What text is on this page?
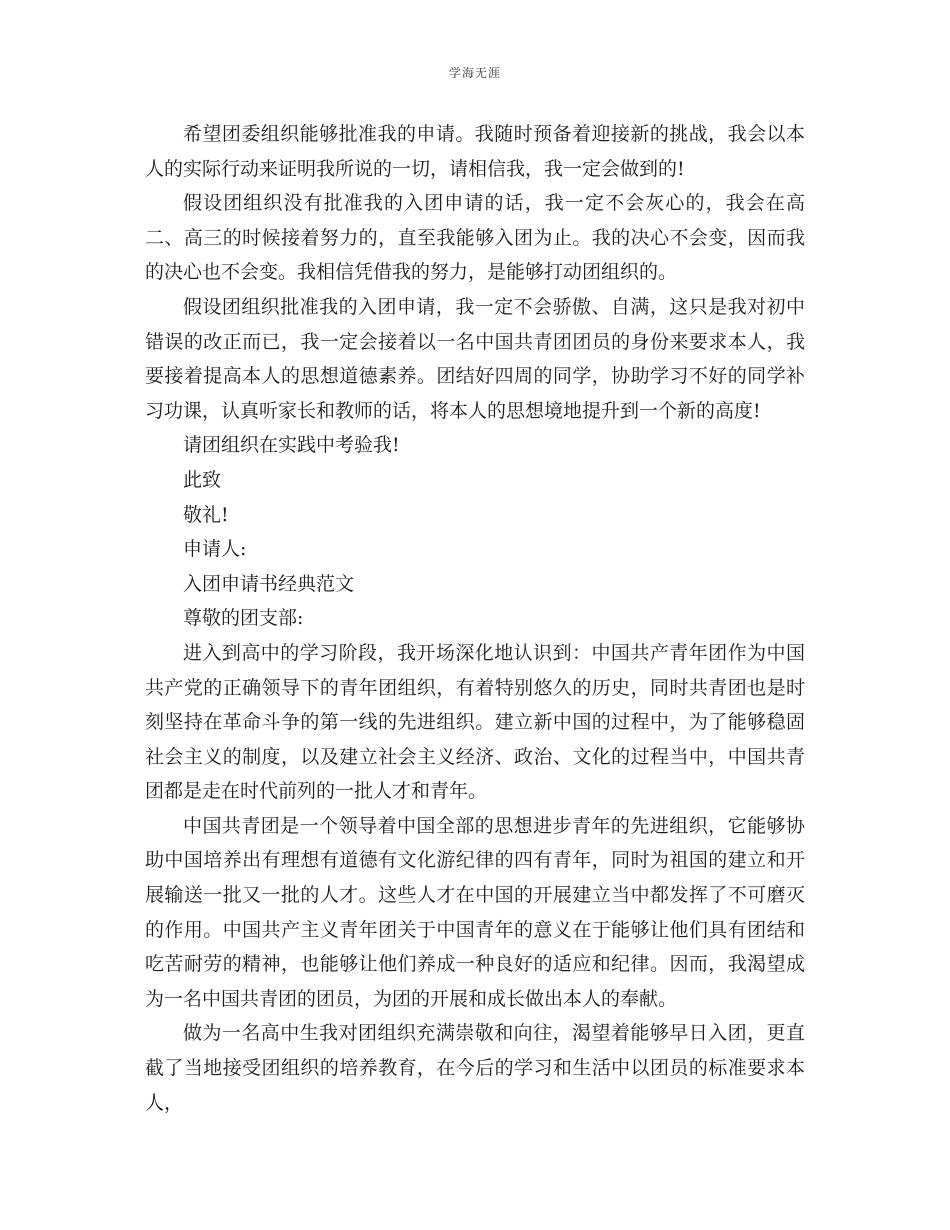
学海无涯

希望团委组织能够批准我的申请。我随时预备着迎接新的挑战，我会以本人的实际行动来证明我所说的一切，请相信我，我一定会做到的!

假设团组织没有批准我的入团申请的话，我一定不会灰心的，我会在高二、高三的时候接着努力的，直至我能够入团为止。我的决心不会变，因而我的决心也不会变。我相信凭借我的努力，是能够打动团组织的。

假设团组织批准我的入团申请，我一定不会骄傲、自满，这只是我对初中错误的改正而已，我一定会接着以一名中国共青团团员的身份来要求本人，我要接着提高本人的思想道德素养。团结好四周的同学，协助学习不好的同学补习功课，认真听家长和教师的话，将本人的思想境地提升到一个新的高度!

请团组织在实践中考验我!

此致

敬礼!

申请人:

入团申请书经典范文

尊敬的团支部:

进入到高中的学习阶段，我开场深化地认识到：中国共产青年团作为中国共产党的正确领导下的青年团组织，有着特别悠久的历史，同时共青团也是时刻坚持在革命斗争的第一线的先进组织。建立新中国的过程中，为了能够稳固社会主义的制度，以及建立社会主义经济、政治、文化的过程当中，中国共青团都是走在时代前列的一批人才和青年。

中国共青团是一个领导着中国全部的思想进步青年的先进组织，它能够协助中国培养出有理想有道德有文化游纪律的四有青年，同时为祖国的建立和开展输送一批又一批的人才。这些人才在中国的开展建立当中都发挥了不可磨灭的作用。中国共产主义青年团关于中国青年的意义在于能够让他们具有团结和吃苦耐劳的精神，也能够让他们养成一种良好的适应和纪律。因而，我渴望成为一名中国共青团的团员，为团的开展和成长做出本人的奉献。

做为一名高中生我对团组织充满崇敬和向往，渴望着能够早日入团，更直截了当地接受团组织的培养教育，在今后的学习和生活中以团员的标准要求本人，
